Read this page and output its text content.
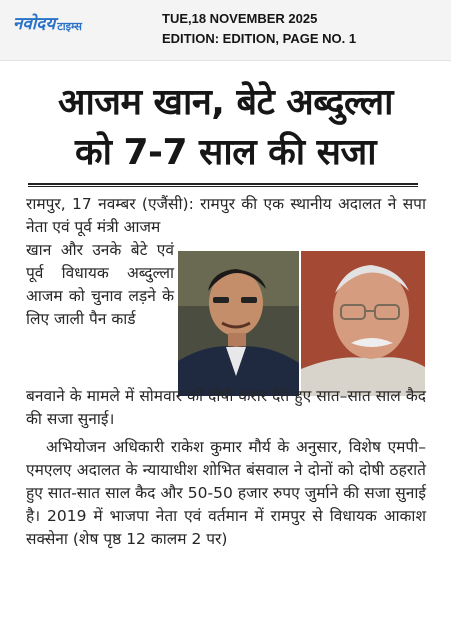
नवोदय टाइम्स
TUE,18 NOVEMBER 2025
EDITION: EDITION, PAGE NO. 1
आजम खान, बेटे अब्दुल्ला
को 7-7 साल की सजा
रामपुर, 17 नवम्बर (एजैंसी): रामपुर की एक स्थानीय अदालत ने सपा नेता एवं पूर्व मंत्री आजम
खान और उनके बेटे एवं पूर्व विधायक अब्दुल्ला आजम को चुनाव लड़ने के लिए जाली पैन कार्ड
बनवाने के मामले में सोमवार को दोषी करार देते हुए सात–सात साल कैद की सजा सुनाई।
अभियोजन अधिकारी राकेश कुमार मौर्य के अनुसार, विशेष एमपी–एमएलए अदालत के न्यायाधीश शोभित बंसवाल ने दोनों को दोषी ठहराते हुए सात-सात साल कैद और 50-50 हजार रुपए जुर्माने की सजा सुनाई है। 2019 में भाजपा नेता एवं वर्तमान में रामपुर से विधायक आकाश सक्सेना (शेष पृष्ठ 12 कालम 2 पर)
